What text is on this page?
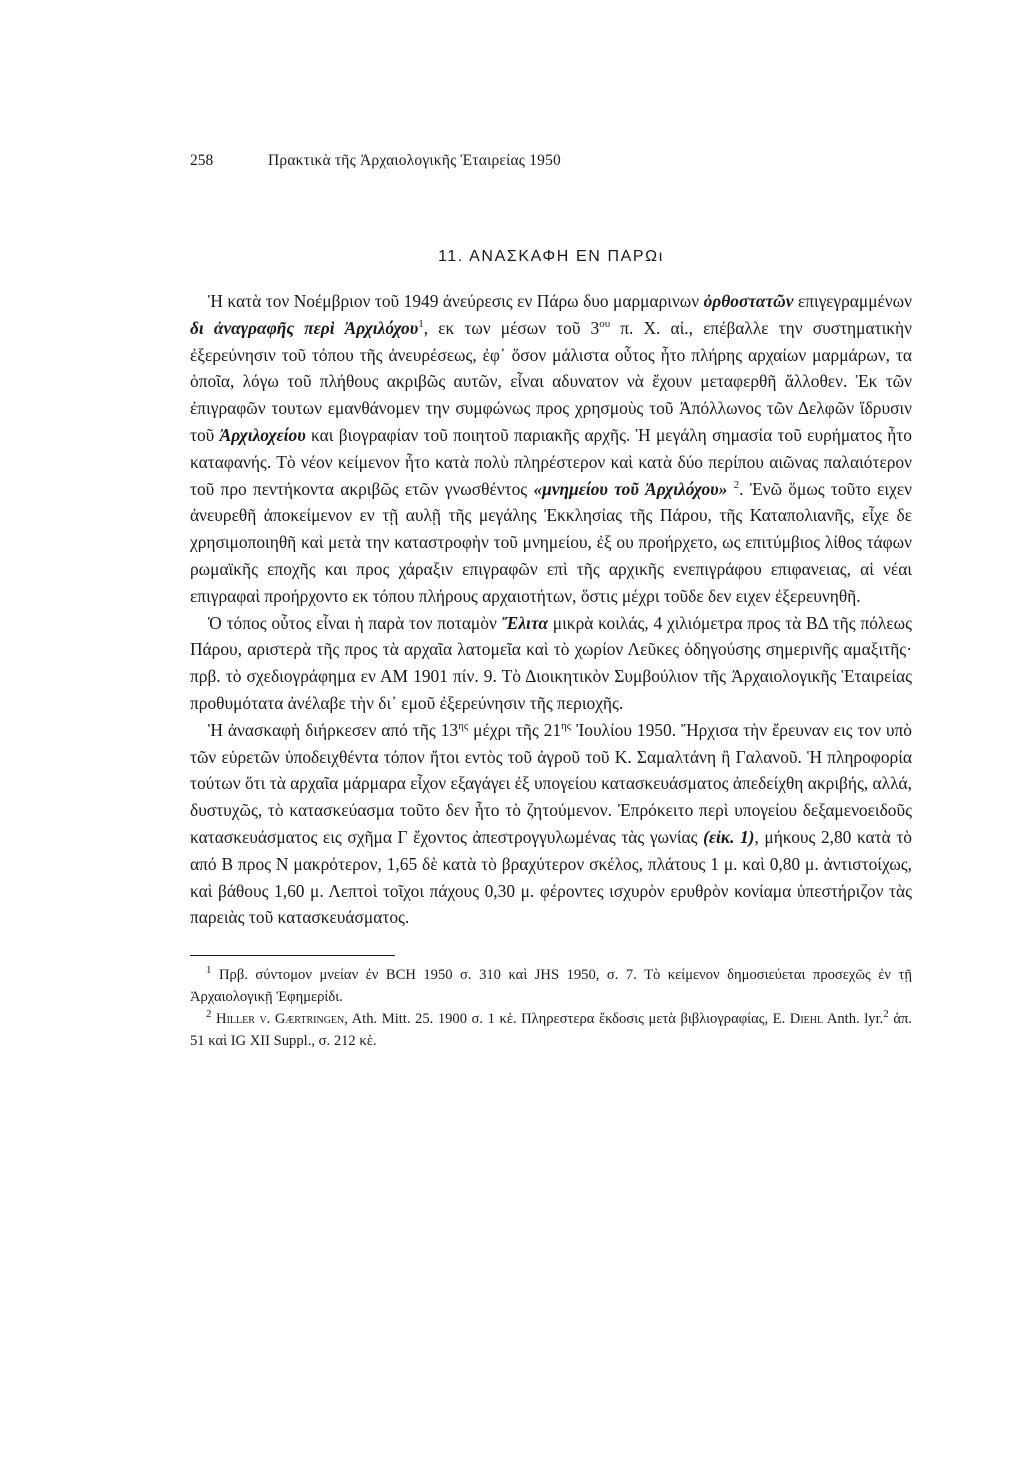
258	Πρακτικὰ τῆς Ἀρχαιολογικῆς Ἑταιρείας 1950
11. ΑΝΑΣΚΑΦΗ ΕΝ ΠΑΡΩι

Ἡ κατὰ τον Νοέμβριον τοῦ 1949 ἀνεύρεσις εν Πάρω δυο μαρμαρινων ὀρθοστατῶν επιγεγραμμένων δι ἀναγραφῆς περὶ Ἀρχιλόχου$^1$, εκ των μέσων τοῦ $3^{o\upsilon}$ π. Χ. αἰ., επέβαλλε την συστηματικὴν ἐξερεύνησιν τοῦ τόπου τῆς ἀνευρέσεως, ἐφ᾽ ὅσον μάλιστα οὗτος ἦτο πλήρης αρχαίων μαρμάρων, τα ὁποῖα, λόγω τοῦ πλήθους ακριβῶς αυτῶν, εἶναι αδυνατον νὰ ἔχουν μεταφερθῆ ἄλλοθεν. Ἐκ τῶν ἐπιγραφῶν τουτων εμανθάνομεν την συμφώνως προς χρησμοὺς τοῦ Ἀπόλλωνος τῶν Δελφῶν ἵδρυσιν τοῦ Ἀρχιλοχείου και βιογραφίαν τοῦ ποιητοῦ παριακῆς αρχῆς. Ἡ μεγάλη σημασία τοῦ ευρήματος ἦτο καταφανής. Τὸ νέον κείμενον ἦτο κατὰ πολὺ πληρέστερον καὶ κατὰ δύο περίπου αιῶνας παλαιότερον τοῦ προ πεντήκοντα ακριβῶς ετῶν γνωσθέντος «μνημείου τοῦ Ἀρχιλόχου» $^2$. Ἐνῶ ὅμως τοῦτο ειχεν ἀνευρεθῆ ἀποκείμενον εν τῇ αυλῇ τῆς μεγάλης Ἐκκλησίας τῆς Πάρου, τῆς Καταπολιανῆς, εἶχε δε χρησιμοποιηθῆ καὶ μετὰ την καταστροφὴν τοῦ μνημείου, ἐξ ου προήρχετο, ως επιτύμβιος λίθος τάφων ρωμαϊκῆς εποχῆς και προς χάραξιν επιγραφῶν επὶ τῆς αρχικῆς ενεπιγράφου επιφανειας, αἱ νέαι επιγραφαὶ προήρχοντο εκ τόπου πλήρους αρχαιοτήτων, ὅστις μέχρι τοῦδε δεν ειχεν ἐξερευνηθῆ.

Ὁ τόπος οὗτος εἶναι ἡ παρὰ τον ποταμὸν Ἔλιτα μικρὰ κοιλάς, 4 χιλιόμετρα προς τὰ ΒΔ τῆς πόλεως Πάρου, αριστερὰ τῆς προς τὰ αρχαῖα λατομεῖα καὶ τὸ χωρίον Λεῦκες ὁδηγούσης σημερινῆς αμαξιτῆς· πρβ. τὸ σχεδιογράφημα εν ΑΜ 1901 πίν. 9. Τὸ Διοικητικὸν Συμβούλιον τῆς Ἀρχαιολογικῆς Ἑταιρείας προθυμότατα ἀνέλαβε τὴν δι᾽ εμοῦ ἐξερεύνησιν τῆς περιοχῆς.

Ἡ ἀνασκαφὴ διήρκεσεν από τῆς $13^{\eta\varsigma}$ μέχρι τῆς $21^{\eta\varsigma}$ Ἰουλίου 1950. Ἤρχισα τὴν ἔρευναν εις τον υπὸ τῶν εὑρετῶν ὑποδειχθέντα τόπον ἤτοι εντὸς τοῦ ἀγροῦ τοῦ Κ. Σαμαλτάνη ἢ Γαλανοῦ. Ἡ πληροφορία τούτων ὅτι τὰ αρχαῖα μάρμαρα εἶχον εξαγάγει ἐξ υπογείου κατασκευάσματος ἀπεδείχθη ακριβής, αλλά, δυστυχῶς, τὸ κατασκεύασμα τοῦτο δεν ἦτο τὸ ζητούμενον. Ἐπρόκειτο περὶ υπογείου δεξαμενοειδοῦς κατασκευάσματος εις σχῆμα Γ ἔχοντος ἀπεστρογγυλωμένας τὰς γωνίας (εἰκ. 1), μήκους 2,80 κατὰ τὸ από Β προς Ν μακρότερον, 1,65 δὲ κατὰ τὸ βραχύτερον σκέλος, πλάτους 1 μ. καὶ 0,80 μ. ἀντιστοίχως, καὶ βάθους 1,60 μ. Λεπτοὶ τοῖχοι πάχους 0,30 μ. φέροντες ισχυρὸν ερυθρὸν κονίαμα ὑπεστήριζον τὰς παρειὰς τοῦ κατασκευάσματος.

$^1$ Πρβ. σύντομον μνείαν ἐν BCH 1950 σ. 310 καὶ JHS 1950, σ. 7. Τὸ κείμενον δημοσιεύεται προσεχῶς ἐν τῇ Ἀρχαιολογικῇ Ἐφημερίδι.

$^2$ Hiller v. Gærtringen, Ath. Mitt. 25. 1900 σ. 1 κἑ. Πληρεστερα ἔκδοσις μετὰ βιβλιογραφίας, Ε. Diehl Anth. lyr.$^2$ ἀπ. 51 καὶ IG XII Suppl., σ. 212 κἑ.
